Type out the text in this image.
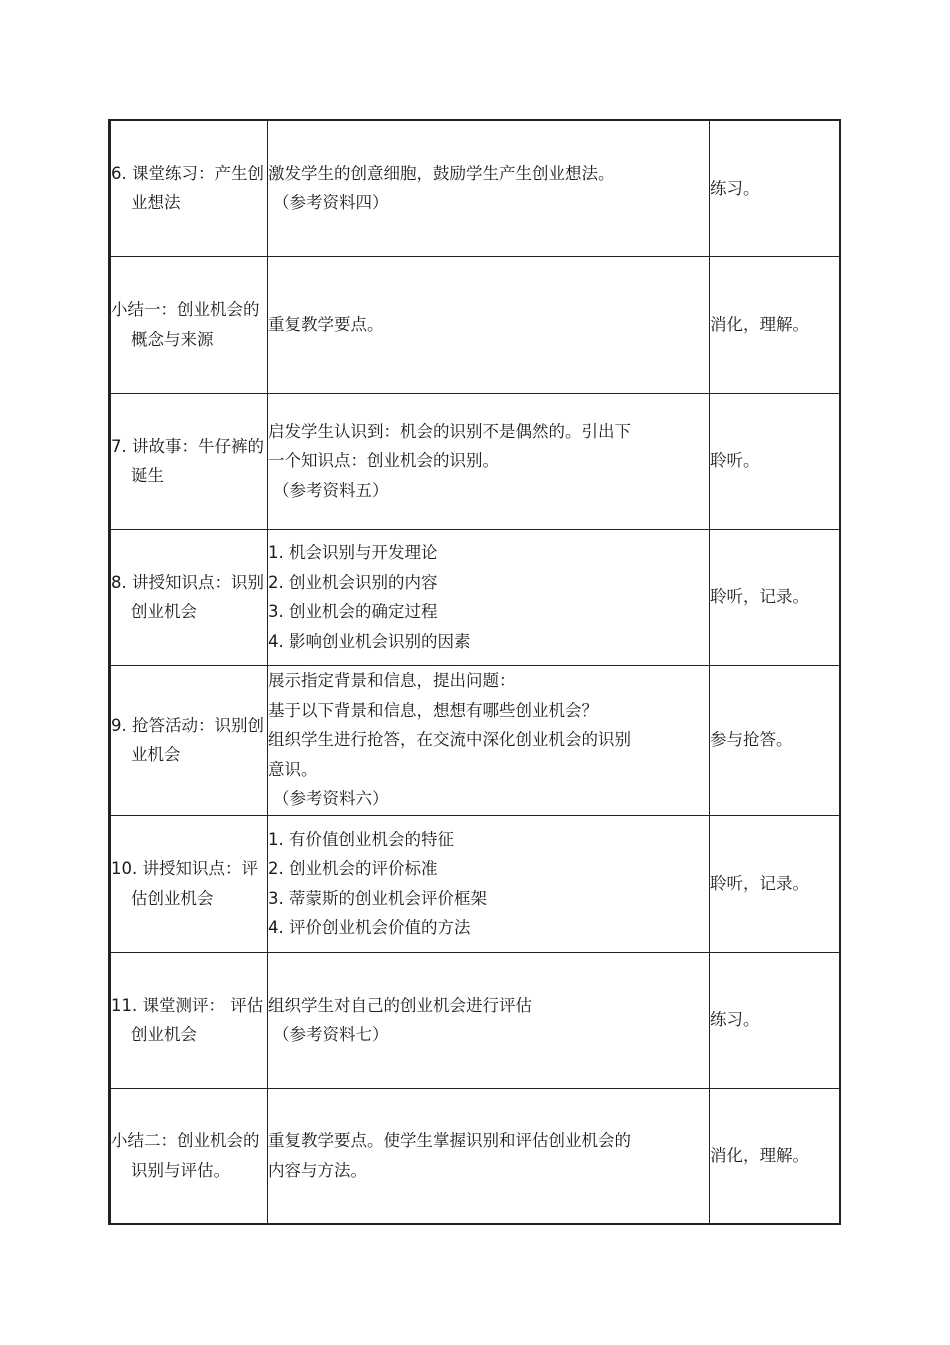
6. 课堂练习：产生创业想法	激发学生的创意细胞，鼓励学生产生创业想法。
（参考资料四）	练习。

小结一：创业机会的概念与来源	重复教学要点。	消化，理解。

7. 讲故事：牛仔裤的诞生	启发学生认识到：机会的识别不是偶然的。引出下
一个知识点：创业机会的识别。
（参考资料五）	聆听。

8. 讲授知识点：识别创业机会	1. 机会识别与开发理论
2. 创业机会识别的内容
3. 创业机会的确定过程
4. 影响创业机会识别的因素	聆听，记录。

9. 抢答活动：识别创业机会	展示指定背景和信息，提出问题：
基于以下背景和信息，想想有哪些创业机会？
组织学生进行抢答，在交流中深化创业机会的识别
意识。
（参考资料六）	参与抢答。

10. 讲授知识点：评估创业机会	1. 有价值创业机会的特征
2. 创业机会的评价标准
3. 蒂蒙斯的创业机会评价框架
4. 评价创业机会价值的方法	聆听，记录。

11. 课堂测评： 评估创业机会	组织学生对自己的创业机会进行评估
（参考资料七）	练习。

小结二：创业机会的识别与评估。	重复教学要点。使学生掌握识别和评估创业机会的
内容与方法。	消化，理解。
